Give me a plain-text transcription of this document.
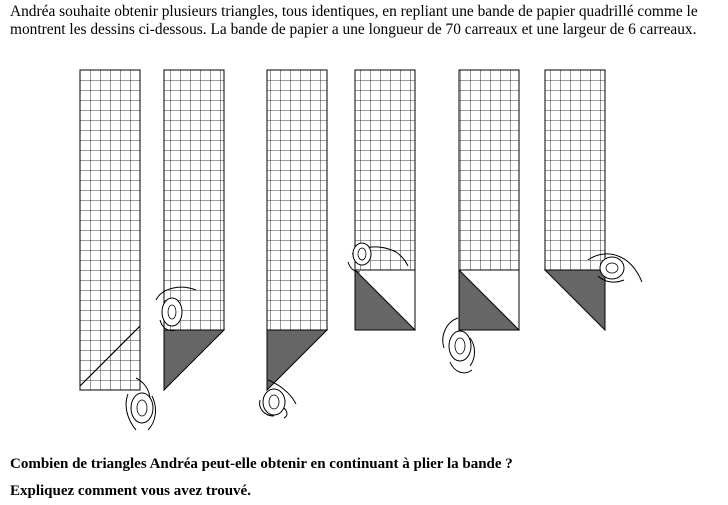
Andréa souhaite obtenir plusieurs triangles, tous identiques, en repliant une bande de papier quadrillé comme le montrent les dessins ci-dessous. La bande de papier a une longueur de 70 carreaux et une largeur de 6 carreaux.

Combien de triangles Andréa peut-elle obtenir en continuant à plier la bande ?

Expliquez comment vous avez trouvé.
